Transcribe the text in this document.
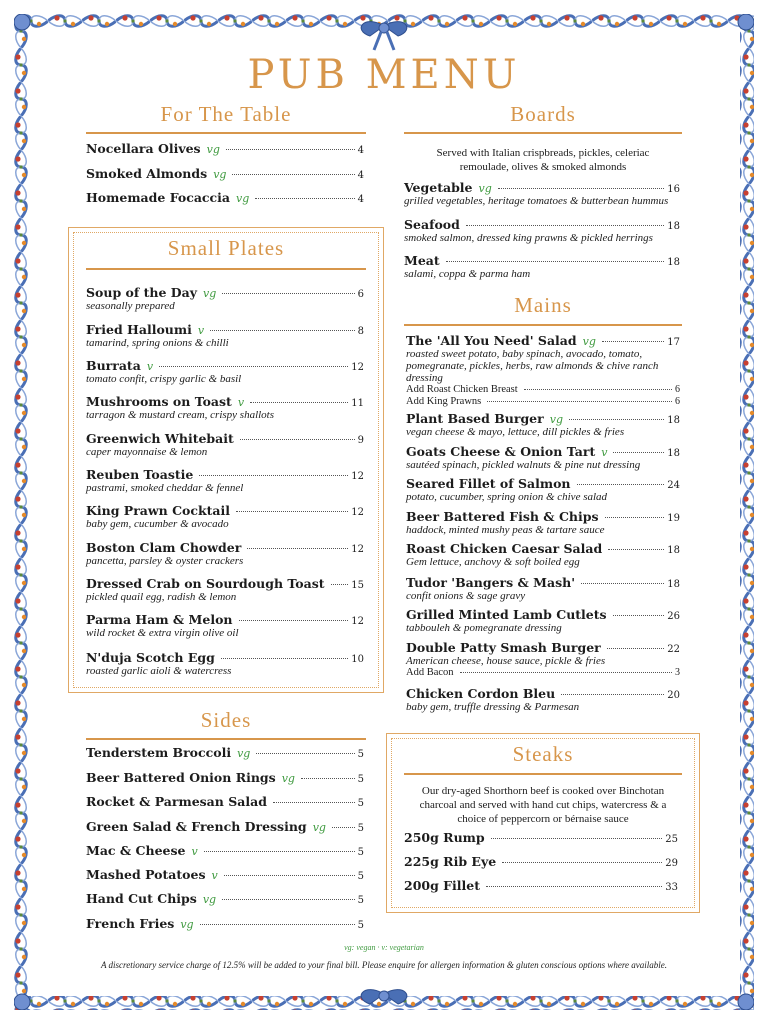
PUB MENU
For The Table
Nocellara Olives vg	4
Smoked Almonds vg	4
Homemade Focaccia vg	4
Small Plates
Soup of the Day vg	6
seasonally prepared
Fried Halloumi v	8
tamarind, spring onions & chilli
Burrata v	12
tomato confit, crispy garlic & basil
Mushrooms on Toast v	11
tarragon & mustard cream, crispy shallots
Greenwich Whitebait	9
caper mayonnaise & lemon
Reuben Toastie	12
pastrami, smoked cheddar & fennel
King Prawn Cocktail	12
baby gem, cucumber & avocado
Boston Clam Chowder	12
pancetta, parsley & oyster crackers
Dressed Crab on Sourdough Toast	15
pickled quail egg, radish & lemon
Parma Ham & Melon	12
wild rocket & extra virgin olive oil
N'duja Scotch Egg	10
roasted garlic aioli & watercress
Sides
Tenderstem Broccoli vg	5
Beer Battered Onion Rings vg	5
Rocket & Parmesan Salad	5
Green Salad & French Dressing vg	5
Mac & Cheese v	5
Mashed Potatoes v	5
Hand Cut Chips vg	5
French Fries vg	5
Boards
Served with Italian crispbreads, pickles, celeriac
remoulade, olives & smoked almonds
Vegetable vg	16
grilled vegetables, heritage tomatoes & butterbean hummus
Seafood	18
smoked salmon, dressed king prawns & pickled herrings
Meat	18
salami, coppa & parma ham
Mains
The 'All You Need' Salad vg	17
roasted sweet potato, baby spinach, avocado, tomato, pomegranate, pickles, herbs, raw almonds & chive ranch dressing
Add Roast Chicken Breast	6
Add King Prawns	6
Plant Based Burger vg	18
vegan cheese & mayo, lettuce, dill pickles & fries
Goats Cheese & Onion Tart v	18
sautéed spinach, pickled walnuts & pine nut dressing
Seared Fillet of Salmon	24
potato, cucumber, spring onion & chive salad
Beer Battered Fish & Chips	19
haddock, minted mushy peas & tartare sauce
Roast Chicken Caesar Salad	18
Gem lettuce, anchovy & soft boiled egg
Tudor 'Bangers & Mash'	18
confit onions & sage gravy
Grilled Minted Lamb Cutlets	26
tabbouleh & pomegranate dressing
Double Patty Smash Burger	22
American cheese, house sauce, pickle & fries
Add Bacon	3
Chicken Cordon Bleu	20
baby gem, truffle dressing & Parmesan
Steaks
Our dry-aged Shorthorn beef is cooked over Binchotan
charcoal and served with hand cut chips, watercress & a
choice of peppercorn or bérnaise sauce
250g Rump	25
225g Rib Eye	29
200g Fillet	33
vg: vegan · v: vegetarian
A discretionary service charge of 12.5% will be added to your final bill. Please enquire for allergen information & gluten conscious options where available.
